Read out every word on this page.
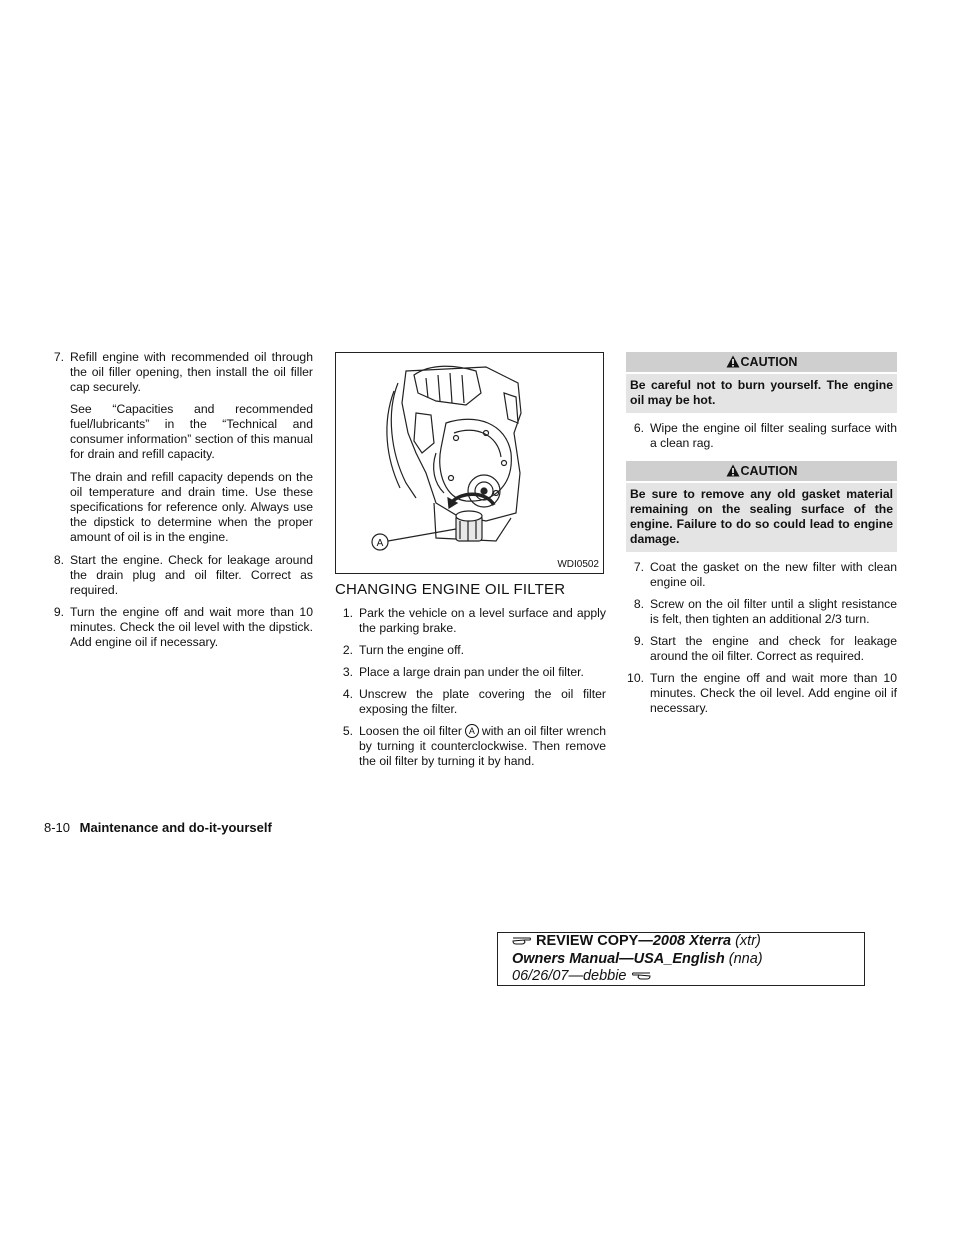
7. Refill engine with recommended oil through the oil filler opening, then install the oil filler cap securely.
See “Capacities and recommended fuel/lubricants” in the “Technical and consumer information” section of this manual for drain and refill capacity.
The drain and refill capacity depends on the oil temperature and drain time. Use these specifications for reference only. Always use the dipstick to determine when the proper amount of oil is in the engine.
8. Start the engine. Check for leakage around the drain plug and oil filter. Correct as required.
9. Turn the engine off and wait more than 10 minutes. Check the oil level with the dipstick. Add engine oil if necessary.
A
WDI0502
CHANGING ENGINE OIL FILTER
1. Park the vehicle on a level surface and apply the parking brake.
2. Turn the engine off.
3. Place a large drain pan under the oil filter.
4. Unscrew the plate covering the oil filter exposing the filter.
5. Loosen the oil filter A with an oil filter wrench by turning it counterclockwise. Then remove the oil filter by turning it by hand.
CAUTION
Be careful not to burn yourself. The engine oil may be hot.
6. Wipe the engine oil filter sealing surface with a clean rag.
CAUTION
Be sure to remove any old gasket material remaining on the sealing surface of the engine. Failure to do so could lead to engine damage.
7. Coat the gasket on the new filter with clean engine oil.
8. Screw on the oil filter until a slight resistance is felt, then tighten an additional 2/3 turn.
9. Start the engine and check for leakage around the oil filter. Correct as required.
10. Turn the engine off and wait more than 10 minutes. Check the oil level. Add engine oil if necessary.
8-10 Maintenance and do-it-yourself
REVIEW COPY—2008 Xterra (xtr)
Owners Manual—USA_English (nna)
06/26/07—debbie
